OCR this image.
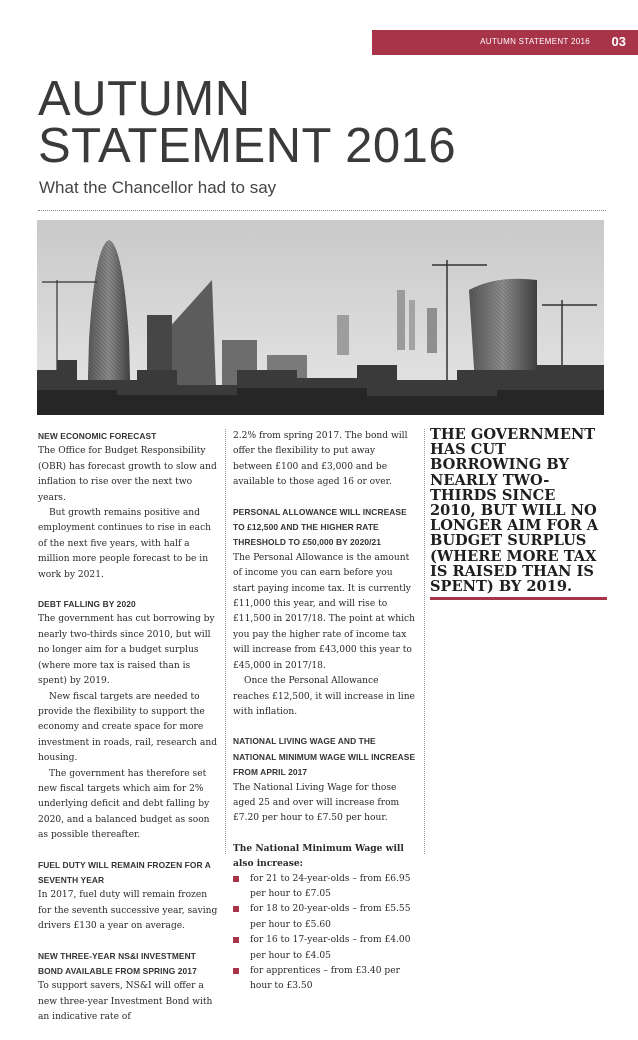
AUTUMN STATEMENT 2016 03
AUTUMN
STATEMENT 2016
What the Chancellor had to say
NEW ECONOMIC FORECAST

The Office for Budget Responsibility (OBR) has forecast growth to slow and inflation to rise over the next two years.

But growth remains positive and employment continues to rise in each of the next five years, with half a million more people forecast to be in work by 2021.

DEBT FALLING BY 2020

The government has cut borrowing by nearly two-thirds since 2010, but will no longer aim for a budget surplus (where more tax is raised than is spent) by 2019.

New fiscal targets are needed to provide the flexibility to support the economy and create space for more investment in roads, rail, research and housing.

The government has therefore set new fiscal targets which aim for 2% underlying deficit and debt falling by 2020, and a balanced budget as soon as possible thereafter.

FUEL DUTY WILL REMAIN FROZEN FOR A SEVENTH YEAR

In 2017, fuel duty will remain frozen for the seventh successive year, saving drivers £130 a year on average.

NEW THREE-YEAR NS&I INVESTMENT BOND AVAILABLE FROM SPRING 2017

To support savers, NS&I will offer a new three-year Investment Bond with an indicative rate of

2.2% from spring 2017. The bond will offer the flexibility to put away between £100 and £3,000 and be available to those aged 16 or over.

PERSONAL ALLOWANCE WILL INCREASE TO £12,500 AND THE HIGHER RATE THRESHOLD TO £50,000 BY 2020/21

The Personal Allowance is the amount of income you can earn before you start paying income tax. It is currently £11,000 this year, and will rise to £11,500 in 2017/18. The point at which you pay the higher rate of income tax will increase from £43,000 this year to £45,000 in 2017/18.

Once the Personal Allowance reaches £12,500, it will increase in line with inflation.

NATIONAL LIVING WAGE AND THE NATIONAL MINIMUM WAGE WILL INCREASE FROM APRIL 2017

The National Living Wage for those aged 25 and over will increase from £7.20 per hour to £7.50 per hour.

The National Minimum Wage will also increase:
for 21 to 24-year-olds – from £6.95 per hour to £7.05
for 18 to 20-year-olds – from £5.55 per hour to £5.60
for 16 to 17-year-olds – from £4.00 per hour to £4.05
for apprentices – from £3.40 per hour to £3.50
THE GOVERNMENT HAS CUT BORROWING BY NEARLY TWO-THIRDS SINCE 2010, BUT WILL NO LONGER AIM FOR A BUDGET SURPLUS (WHERE MORE TAX IS RAISED THAN IS SPENT) BY 2019.
